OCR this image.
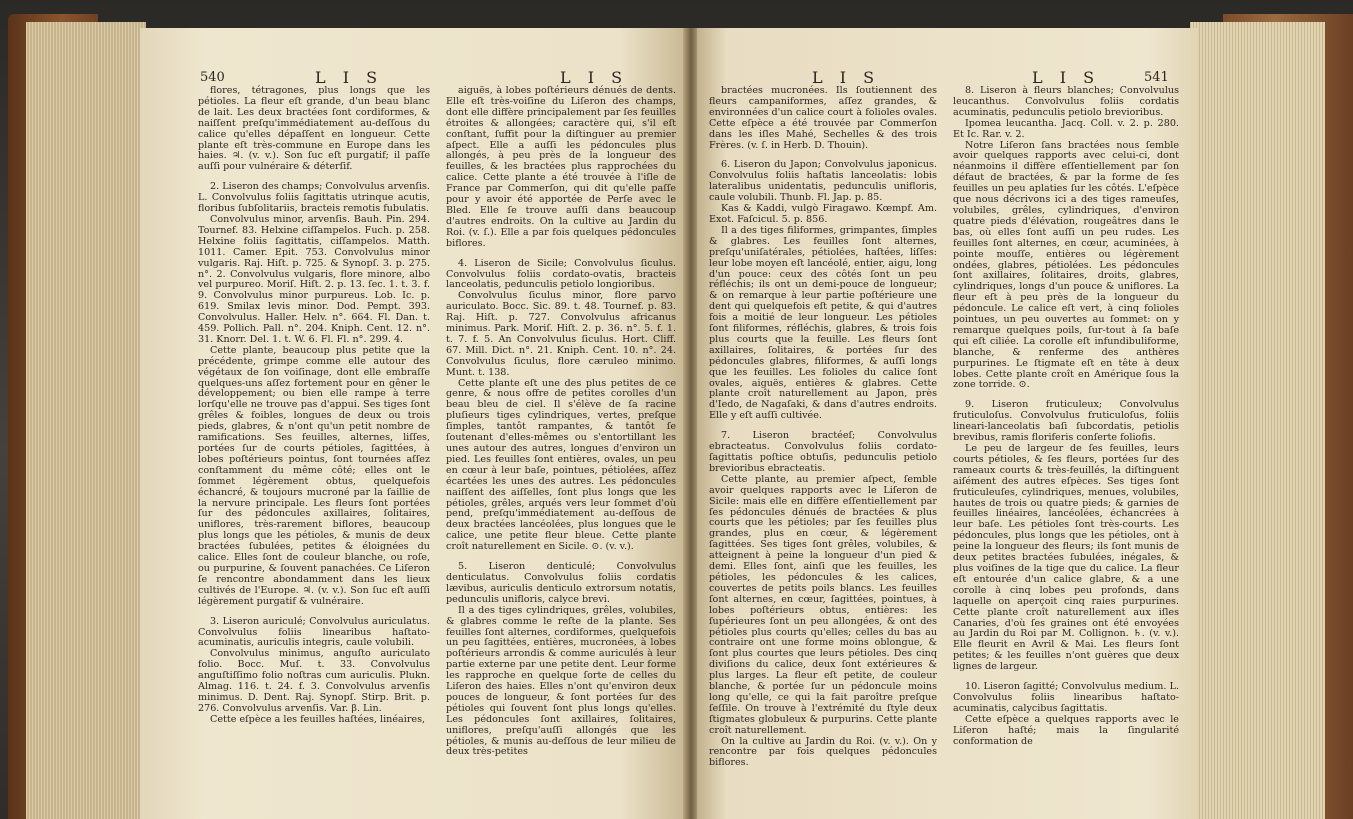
540	L I S	L I S

flores, tétragones, plus longs que les pétioles. La fleur eſt grande, d'un beau blanc de lait. Les deux bractées ſont cordiformes, & naiſſent preſqu'immédiatement au-deſſous du calice qu'elles dépaſſent en longueur. Cette plante eſt très-commune en Europe dans les haies. ♃. (v. v.). Son ſuc eſt purgatif; il paſſe auſſi pour vulnéraire & déterſif.

2. Liseron des champs; Convolvulus arvenſis. L. Convolvulus foliis ſagittatis utrinque acutis, floribus ſubſolitariis, bracteis remotis fubulatis.

Convolvulus minor, arvenſis. Bauh. Pin. 294. Tournef. 83. Helxine ciſſampelos. Fuch. p. 258. Helxine foliis ſagittatis, ciſſampelos. Matth. 1011. Camer. Epit. 753. Convolvulus minor vulgaris. Raj. Hiſt. p. 725. & Synopſ. 3. p. 275. n°. 2. Convolvulus vulgaris, flore minore, albo vel purpureo. Moriſ. Hiſt. 2. p. 13. ſec. 1. t. 3. f. 9. Convolvulus minor purpureus. Lob. Ic. p. 619. Smilax levis minor. Dod. Pempt. 393. Convolvulus. Haller. Helv. n°. 664. Fl. Dan. t. 459. Pollich. Pall. n°. 204. Kniph. Cent. 12. n°. 31. Knorr. Del. 1. t. W. 6. Fl. Fl. n°. 299. 4.

Cette plante, beaucoup plus petite que la précédente, grimpe comme elle autour des végétaux de ſon voiſinage, dont elle embraſſe quelques-uns aſſez fortement pour en gêner le développement; ou bien elle rampe à terre lorſqu'elle ne trouve pas d'appui. Ses tiges ſont grêles & foibles, longues de deux ou trois pieds, glabres, & n'ont qu'un petit nombre de ramifications. Ses feuilles, alternes, liſſes, portées ſur de courts pétioles, ſagittées, à lobes poſtérieurs pointus, ſont tournées aſſez conſtamment du même côté; elles ont le ſommet légèrement obtus, quelquefois échancré, & toujours mucroné par la ſaillie de la nervure principale. Les fleurs ſont portées ſur des pédoncules axillaires, ſolitaires, uniflores, très-rarement biflores, beaucoup plus longs que les pétioles, & munis de deux bractées ſubulées, petites & éloignées du calice. Elles ſont de couleur blanche, ou roſe, ou purpurine, & ſouvent panachées. Ce Liſeron ſe rencontre abondamment dans les lieux cultivés de l'Europe. ♃. (v. v.). Son ſuc eſt auſſi légèrement purgatif & vulnéraire.

3. Liseron auriculé; Convolvulus auriculatus. Convolvulus foliis linearibus haſtato-acuminatis, auriculis integris, caule volubili.

Convolvulus minimus, anguſto auriculato folio. Bocc. Muſ. t. 33. Convolvulus anguſtiſſimo folio noſtras cum auriculis. Plukn. Almag. 116. t. 24. f. 3. Convolvulus arvenſis minimus. D. Dent. Raj. Synopſ. Stirp. Brit. p. 276. Convolvulus arvenſis. Var. β. Lin.

Cette eſpèce a les feuilles haſtées, linéaires,

aiguës, à lobes poſtérieurs dénués de dents. Elle eſt très-voiſine du Liſeron des champs, dont elle diffère principalement par ſes feuilles étroites & allongées; caractère qui, s'il eſt conſtant, ſuffit pour la diſtinguer au premier aſpect. Elle a auſſi les pédoncules plus allongés, à peu près de la longueur des feuilles, & les bractées plus rapprochées du calice. Cette plante a été trouvée à l'iſle de France par Commerſon, qui dit qu'elle paſſe pour y avoir été apportée de Perſe avec le Bled. Elle ſe trouve auſſi dans beaucoup d'autres endroits. On la cultive au Jardin du Roi. (v. ſ.). Elle a par fois quelques pédoncules biflores.

4. Liseron de Sicile; Convolvulus ſiculus. Convolvulus foliis cordato-ovatis, bracteis lanceolatis, pedunculis petiolo longioribus.

Convolvulus ſiculus minor, flore parvo auriculato. Bocc. Sic. 89. t. 48. Tournef. p. 83. Raj. Hiſt. p. 727. Convolvulus africanus minimus. Park. Moriſ. Hiſt. 2. p. 36. n°. 5. f. 1. t. 7. f. 5. An Convolvulus ſiculus. Hort. Cliff. 67. Mill. Dict. n°. 21. Kniph. Cent. 10. n°. 24. Convolvulus ſiculus, flore cæruleo minimo. Munt. t. 138.

Cette plante eſt une des plus petites de ce genre, & nous offre de petites corolles d'un beau bleu de ciel. Il s'élève de ſa racine pluſieurs tiges cylindriques, vertes, preſque ſimples, tantôt rampantes, & tantôt ſe ſoutenant d'elles-mêmes ou s'entortillant les unes autour des autres, longues d'environ un pied. Les feuilles ſont entières, ovales, un peu en cœur à leur baſe, pointues, pétiolées, aſſez écartées les unes des autres. Les pédoncules naiſſent des aiſſelles, ſont plus longs que les pétioles, grêles, arqués vers leur ſommet d'où pend, preſqu'immédiatement au-deſſous de deux bractées lancéolées, plus longues que le calice, une petite fleur bleue. Cette plante croît naturellement en Sicile. ⊙. (v. v.).

5. Liseron denticulé; Convolvulus denticulatus. Convolvulus foliis cordatis lævibus, auriculis denticulo extrorsum notatis, pedunculis unifloris, calyce brevi.

Il a des tiges cylindriques, grêles, volubiles, & glabres comme le reſte de la plante. Ses feuilles ſont alternes, cordiformes, quelquefois un peu ſagittées, entières, mucronées, à lobes poſtérieurs arrondis & comme auriculés à leur partie externe par une petite dent. Leur forme les rapproche en quelque ſorte de celles du Liſeron des haies. Elles n'ont qu'environ deux pouces de longueur, & ſont portées ſur des pétioles qui ſouvent ſont plus longs qu'elles. Les pédoncules ſont axillaires, ſolitaires, uniflores, preſqu'auſſi allongés que les pétioles, & munis au-deſſous de leur milieu de deux très-petites

L I S	L I S	541

bractées mucronées. Ils ſoutiennent des fleurs campaniformes, aſſez grandes, & environnées d'un calice court à folioles ovales. Cette eſpèce a été trouvée par Commerſon dans les iſles Mahé, Sechelles & des trois Frères. (v. ſ. in Herb. D. Thouin).

6. Liseron du Japon; Convolvulus japonicus. Convolvulus foliis haſtatis lanceolatis: lobis lateralibus unidentatis, pedunculis unifloris, caule volubili. Thunb. Fl. Jap. p. 85.

Kas & Kaddi, vulgò Firagawo. Kœmpf. Am. Exot. Faſcicul. 5. p. 856.

Il a des tiges filiformes, grimpantes, ſimples & glabres. Les feuilles ſont alternes, preſqu'uniſatérales, pétiolées, haſtées, liſſes: leur lobe moyen eſt lancéolé, entier, aigu, long d'un pouce: ceux des côtés ſont un peu réfléchis; ils ont un demi-pouce de longueur; & on remarque à leur partie poſtérieure une dent qui quelquefois eſt petite, & qui d'autres fois a moitié de leur longueur. Les pétioles ſont filiformes, réfléchis, glabres, & trois fois plus courts que la feuille. Les fleurs ſont axillaires, ſolitaires, & portées ſur des pédoncules glabres, filiformes, & auſſi longs que les feuilles. Les folioles du calice ſont ovales, aiguës, entières & glabres. Cette plante croît naturellement au Japon, près d'Iedo, de Nagaſaki, & dans d'autres endroits. Elle y eſt auſſi cultivée.

7. Liseron bractéeſ; Convolvulus ebracteatus. Convolvulus foliis cordato-ſagittatis poſtice obtuſis, pedunculis petiolo brevioribus ebracteatis.

Cette plante, au premier aſpect, ſemble avoir quelques rapports avec le Liſeron de Sicile: mais elle en diffère eſſentiellement par ſes pédoncules dénués de bractées & plus courts que les pétioles; par ſes feuilles plus grandes, plus en cœur, & légèrement ſagittées. Ses tiges ſont grêles, volubiles, & atteignent à peine la longueur d'un pied & demi. Elles ſont, ainſi que les feuilles, les pétioles, les pédoncules & les calices, couvertes de petits poils blancs. Les feuilles ſont alternes, en cœur, ſagittées, pointues, à lobes poſtérieurs obtus, entières: les ſupérieures ſont un peu allongées, & ont des pétioles plus courts qu'elles; celles du bas au contraire ont une forme moins oblongue, & ſont plus courtes que leurs pétioles. Des cinq diviſions du calice, deux ſont extérieures & plus larges. La fleur eſt petite, de couleur blanche, & portée ſur un pédoncule moins long qu'elle, ce qui la fait paroître preſque ſeſſile. On trouve à l'extrémité du ſtyle deux ſtigmates globuleux & purpurins. Cette plante croît naturellement.

On la cultive au Jardin du Roi. (v. v.). On y rencontre par fois quelques pédoncules biflores.

8. Liseron à fleurs blanches; Convolvulus leucanthus. Convolvulus foliis cordatis acuminatis, pedunculis petiolo brevioribus.

Ipomea leucantha. Jacq. Coll. v. 2. p. 280. Et Ic. Rar. v. 2.

Notre Liſeron ſans bractées nous ſemble avoir quelques rapports avec celui-ci, dont néanmoins il diffère eſſentiellement par ſon défaut de bractées, & par la forme de ſes feuilles un peu aplaties ſur les côtés. L'eſpèce que nous décrivons ici a des tiges rameuſes, volubiles, grêles, cylindriques, d'environ quatre pieds d'élévation, rougeâtres dans le bas, où elles ſont auſſi un peu rudes. Les feuilles ſont alternes, en cœur, acuminées, à pointe mouſſe, entières ou légèrement ondées, glabres, pétiolées. Les pédoncules ſont axillaires, ſolitaires, droits, glabres, cylindriques, longs d'un pouce & uniflores. La fleur eſt à peu près de la longueur du pédoncule. Le calice eſt vert, à cinq folioles pointues, un peu ouvertes au ſommet: on y remarque quelques poils, ſur-tout à ſa baſe qui eſt ciliée. La corolle eſt infundibuliforme, blanche, & renferme des anthères purpurines. Le ſtigmate eſt en tête à deux lobes. Cette plante croît en Amérique ſous la zone torride. ⊙.

9. Liseron fruticuleux; Convolvulus fruticuloſus. Convolvulus fruticuloſus, foliis lineari-lanceolatis baſi ſubcordatis, petiolis brevibus, ramis floriferis conſerte foliofis.

Le peu de largeur de ſes feuilles, leurs courts pétioles, & ſes fleurs, portées ſur des rameaux courts & très-feuillés, la diſtinguent aiſément des autres eſpèces. Ses tiges ſont fruticuleuſes, cylindriques, menues, volubiles, hautes de trois ou quatre pieds; & garnies de feuilles linéaires, lancéolées, échancrées à leur baſe. Les pétioles ſont très-courts. Les pédoncules, plus longs que les pétioles, ont à peine la longueur des fleurs; ils ſont munis de deux petites bractées ſubulées, inégales, & plus voiſines de la tige que du calice. La fleur eſt entourée d'un calice glabre, & a une corolle à cinq lobes peu profonds, dans laquelle on aperçoit cinq raies purpurines. Cette plante croît naturellement aux iſles Canaries, d'où ſes graines ont été envoyées au Jardin du Roi par M. Collignon. ♄. (v. v.). Elle fleurit en Avril & Mai. Les fleurs ſont petites; & les feuilles n'ont guères que deux lignes de largeur.

10. Liseron ſagitté; Convolvulus medium. L. Convolvulus foliis linearibus haſtato-acuminatis, calycibus ſagittatis.

Cette eſpèce a quelques rapports avec le Liſeron haſté; mais la ſingularité conformation de
